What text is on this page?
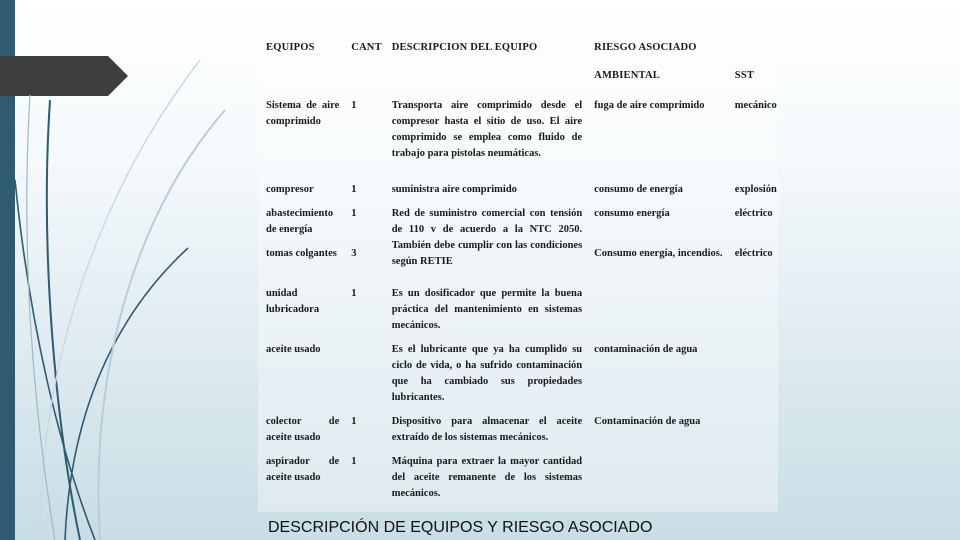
EQUIPOS	CANT	DESCRIPCION DEL EQUIPO	RIESGO ASOCIADO	
			AMBIENTAL	SST
Sistema de aire comprimido	1	Transporta aire comprimido desde el compresor hasta el sitio de uso. El aire comprimido se emplea como fluido de trabajo para pistolas neumáticas.	fuga de aire comprimido	mecánico
compresor	1	suministra aire comprimido	consumo de energía	explosión
abastecimiento de energía	1	Red de suministro comercial con tensión de 110 v de acuerdo a la NTC 2050. También debe cumplir con las condiciones según RETIE	consumo energía	eléctrico
tomas colgantes	3		Consumo energía, incendios.	eléctrico
unidad lubricadora	1	Es un dosificador que permite la buena práctica del mantenimiento en sistemas mecánicos.		
aceite usado		Es el lubricante que ya ha cumplido su ciclo de vida, o ha sufrido contaminación que ha cambiado sus propiedades lubricantes.	contaminación de agua	
colector de aceite usado	1	Dispositivo para almacenar el aceite extraído de los sistemas mecánicos.	Contaminación de agua	
aspirador de aceite usado	1	Máquina para extraer la mayor cantidad del aceite remanente de los sistemas mecánicos.		
DESCRIPCIÓN DE EQUIPOS Y RIESGO ASOCIADO
